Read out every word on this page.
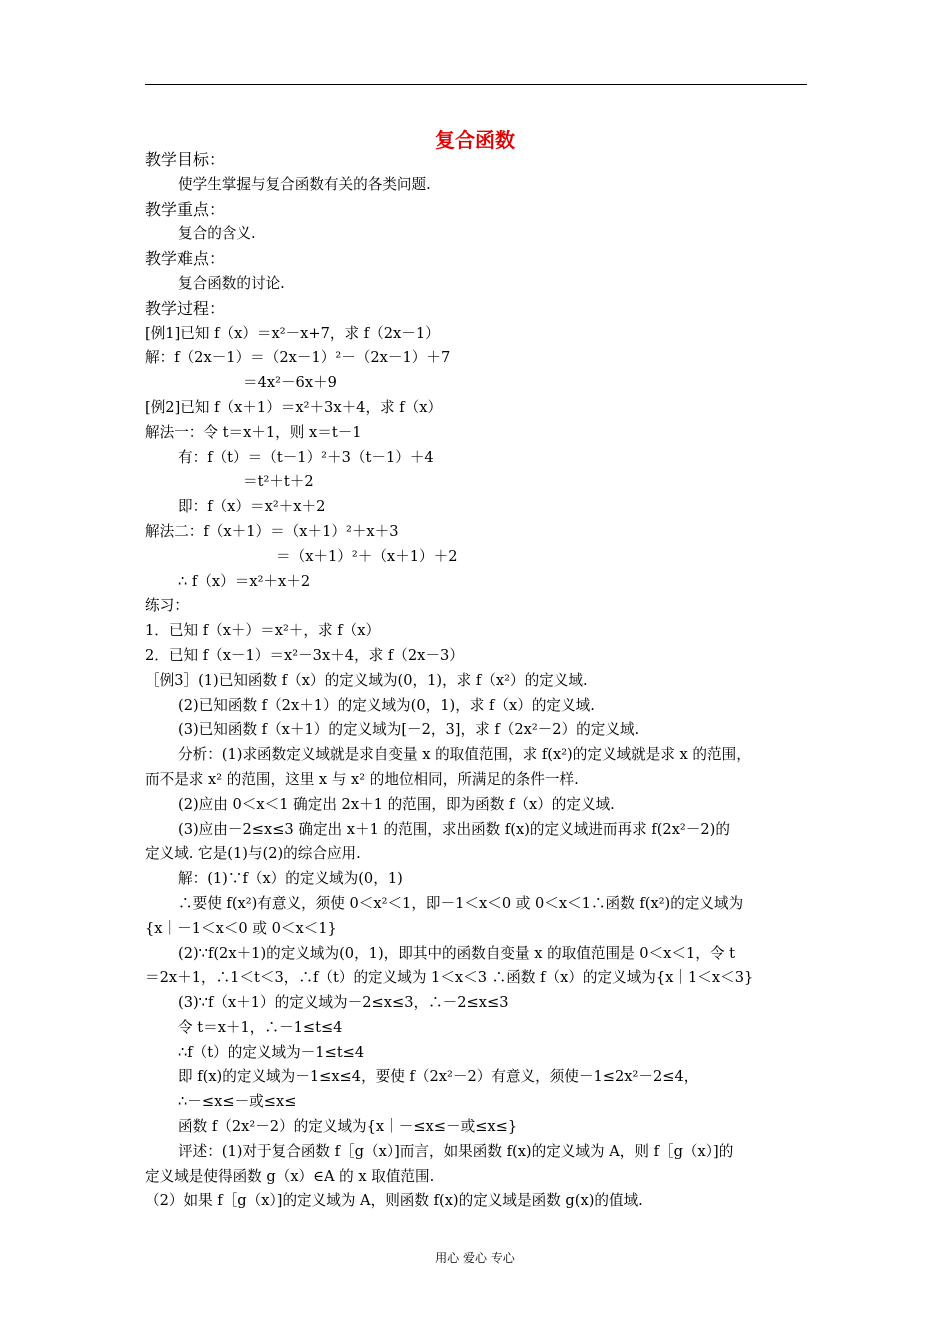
复合函数
教学目标：
使学生掌握与复合函数有关的各类问题.
教学重点：
复合的含义.
教学难点：
复合函数的讨论.
教学过程：
[例1]已知 f（x）＝x²－x+7，求 f（2x－1）
解：f（2x－1）＝（2x－1）²－（2x－1）＋7
＝4x²－6x＋9
[例2]已知 f（x＋1）＝x²＋3x＋4，求 f（x）
解法一：令 t＝x＋1，则 x＝t－1
有：f（t）＝（t－1）²＋3（t－1）＋4
＝t²＋t＋2
即：f（x）＝x²＋x＋2
解法二：f（x＋1）＝（x＋1）²＋x＋3
＝（x＋1）²＋（x＋1）＋2
∴ f（x）＝x²＋x＋2
练习：
1．已知 f（x＋）＝x²＋，求 f（x）
2．已知 f（x－1）＝x²－3x＋4，求 f（2x－3）
［例3］(1)已知函数 f（x）的定义域为(0，1)，求 f（x²）的定义域.
(2)已知函数 f（2x＋1）的定义域为(0，1)，求 f（x）的定义域.
(3)已知函数 f（x＋1）的定义域为[－2，3]，求 f（2x²－2）的定义域.
分析：(1)求函数定义域就是求自变量 x 的取值范围，求 f(x²)的定义域就是求 x 的范围，
而不是求 x² 的范围，这里 x 与 x² 的地位相同，所满足的条件一样.
(2)应由 0＜x＜1 确定出 2x＋1 的范围，即为函数 f（x）的定义域.
(3)应由－2≤x≤3 确定出 x＋1 的范围，求出函数 f(x)的定义域进而再求 f(2x²－2)的
定义域. 它是(1)与(2)的综合应用.
解：(1)∵f（x）的定义域为(0，1)
∴要使 f(x²)有意义，须使 0＜x²＜1，即－1＜x＜0 或 0＜x＜1∴函数 f(x²)的定义域为
{x｜－1＜x＜0 或 0＜x＜1}
(2)∵f(2x＋1)的定义域为(0，1)，即其中的函数自变量 x 的取值范围是 0＜x＜1，令 t
＝2x＋1，∴1＜t＜3，∴f（t）的定义域为 1＜x＜3 ∴函数 f（x）的定义域为{x｜1＜x＜3}
(3)∵f（x＋1）的定义域为－2≤x≤3，∴－2≤x≤3
令 t＝x＋1，∴－1≤t≤4
∴f（t）的定义域为－1≤t≤4
即 f(x)的定义域为－1≤x≤4，要使 f（2x²－2）有意义，须使－1≤2x²－2≤4，
∴－≤x≤－或≤x≤
函数 f（2x²－2）的定义域为{x｜－≤x≤－或≤x≤}
评述：(1)对于复合函数 f［g（x）]而言，如果函数 f(x)的定义域为 A，则 f［g（x）]的
定义域是使得函数 g（x）∈A 的 x 取值范围.
（2）如果 f［g（x）]的定义域为 A，则函数 f(x)的定义域是函数 g(x)的值域.
用心 爱心 专心
